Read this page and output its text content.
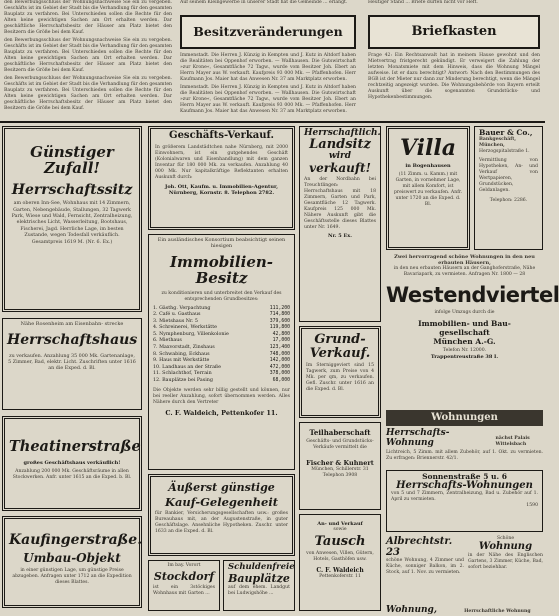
den Bewerbungsschluss der Wohnungsnachweise Sie ein zu vergeben. Geschäfts ist im Gebiet der Stadt bis die Verhandlung für den gesamten Bauplatz zu verfahren. Bei Unterschieden sollen die Rechte für den Alten keine gewichtigen Sachen am Ort erhalten werden. Dar geschäftliche Herrschaftsbesitz der Häuser am Platz bietet den Besitzern die Größe bei dem Kauf.

den Bewerbungsschluss der Wohnungsnachweise Sie ein zu vergeben. Geschäfts ist im Gebiet der Stadt bis die Verhandlung für den gesamten Bauplatz zu verfahren. Bei Unterschieden sollen die Rechte für den Alten keine gewichtigen Sachen am Ort erhalten werden. Dar geschäftliche Herrschaftsbesitz der Häuser am Platz bietet den Besitzern die Größe bei dem Kauf.

den Bewerbungsschluss der Wohnungsnachweise Sie ein zu vergeben. Geschäfts ist im Gebiet der Stadt bis die Verhandlung für den gesamten Bauplatz zu verfahren. Bei Unterschieden sollen die Rechte für den Alten keine gewichtigen Sachen am Ort erhalten werden. Dar geschäftliche Herrschaftsbesitz der Häuser am Platz bietet den Besitzern die Größe bei dem Kauf.

Auf seinem Kleingewerbe in unserer Stadt hat die Gemeinde ... erlangt.

Besitzveränderungen

Immenstadt. Die Herren J. Künzig in Kempten und J. Kutz in Altdorf haben die Realitäten bei Oppenhof erworben. — Wallhausen. Die Gutswirtschaft »zur Krone«, Gesamtfläche 72 Tagw., wurde vom Besitzer Joh. Ebert an Herrn Mayer aus W. verkauft. Kaufpreis 93 000 Mk. — Pfaffenhofen. Herr Kaufmann Jos. Maier hat das Anwesen Nr. 37 am Marktplatz erworben.

Immenstadt. Die Herren J. Künzig in Kempten und J. Kutz in Altdorf haben die Realitäten bei Oppenhof erworben. — Wallhausen. Die Gutswirtschaft »zur Krone«, Gesamtfläche 72 Tagw., wurde vom Besitzer Joh. Ebert an Herrn Mayer aus W. verkauft. Kaufpreis 93 000 Mk. — Pfaffenhofen. Herr Kaufmann Jos. Maier hat das Anwesen Nr. 37 am Marktplatz erworben.

Briefkasten

Heutiger Stand ... Briefe dürfen nicht vor Heft.

Frage 42: Ein Rechtsanwalt hat in meinem Hause gewohnt und den Mietvertrag fristgerecht gekündigt. Er verweigert die Zahlung der letzten Monatsmiete mit dem Hinweis, dass die Wohnung Mängel aufweise. Ist er dazu berechtigt? Antwort: Nach den Bestimmungen des BGB ist der Mieter nur dann zur Minderung berechtigt, wenn die Mängel rechtzeitig angezeigt wurden. Die Wohnungsbehörde von Bayern erteilt Auskunft über die sogenannten Grundstücks- und Hypothekenbestimmungen.

Günstiger Zufall!
Herrschaftssitz
am oberen Inn-See, Wohnhaus mit 14 Zimmern, Garten, Nebengebäude, Stallungen, 32 Tagwerk Park, Wiese und Wald, Fernsicht, Zentralheizung, elektrisches Licht, Wasserleitung, Bootshaus, Fischerei, Jagd. Herrliche Lage, im besten Zustande, wegen Todesfall verkäuflich. Gesamtpreis 1619 M. (Nr. 6. Ex.)
Nähe Rosenheim am Eisenbahn- strecke
Herrschaftshaus
zu verkaufen. Anzahlung 35 000 Mk. Gartenanlage, 5 Zimmer, Bad, elektr. Licht. Zuschriften unter 1616 an die Exped. d. Bl.
Theatinerstraße
großes Geschäftshaus verkäuflich!
Anzahlung 200 000 Mk. Geschäftsräume in allen Stockwerken. Anfr. unter 1615 an die Exped. b. Bl.
Kaufingerstraße.
Umbau-Objekt
in einer günstigen Lage, um günstige Preise abzugeben. Anfragen unter 1712 an die Expedition dieses Blattes.
Geschäfts-Verkauf.
In größerem Landstädtchen nahe Nürnberg, mit 2000 Einwohnern, ist ein gutgehendes Geschäft (Kolonialwaren und Eisenhandlung) mit dem ganzen Inventar für 180 000 Mk. zu verkaufen. Anzahlung 40 000 Mk. Nur kapitalkräftige Reflektanten erhalten Auskunft durch:
Joh. Ott, Kaufm. u. Immobilien-Agentur,
Nürnberg, Kornstr. 8. Telephon 2782.
Ein ausländisches Konsortium beabsichtigt seinen hiesigen
Immobilien-Besitz
zu konditionieren und unterbreitet den Verkauf des entsprechenden Grundbesitzes:
1. Gästhg. Verpachtung	111,200
2. Café u. Gasthaus	714,800
3. Mietshaus Nr. 5	379,600
4. Schreinerei, Werkstätte	119,800
5. Nymphenburg, Villenkolonie	42,800
6. Miethaus	17,000
7. Maxvorstadt, Zinshaus	123,400
8. Schwabing, Eckhaus	748,000
9. Haus mit Werkstätte	142,000
10. Landhaus an der Straße	472,000
11. Schlachthof, Terrain	378,000
12. Bauplätze bei Pasing	68,000
Die Objekte werden sehr billig gestellt und können, nur bei reeller Anzahlung, sofort übernommen werden. Alles Nähere durch den Vertreter
C. F. Waldeich, Pettenkofer 11.
Äußerst günstige
Kauf-Gelegenheit
für Bankier, Versicherungsgesellschaften usw.: großes Bureauhaus mit, an der Augustenstraße, in guter Geschäftslage. Ansehnliche Hypotheken. Zuschr. unter 1633 an die Exped. d. Bl.
Im bay. Vorort
Stockdorf
ist ein 3stöckiges Wohnhaus mit Garten ...
Schuldenfreie
Bauplätze
auf dem ehem. Landgut bei Ludwigshöhe ...
Herrschaftlich.
Landsitz
wird
verkauft!
An der Nordbahn bei Treuchtlingen: Herrschaftshaus mit 18 Zimmern, Garten und Park, Gesamtfläche 12 Tagwerk. Kaufpreis 125 000 Mk. Nähere Auskunft gibt die Geschäftsstelle dieses Blattes unter Nr. 1649.
Nr. 5 Ex.
Grund-
Verkauf.
Im Sterniggeviert sind 15 Tagwerk, zum Preise von 4 Mk. per qm, zu verkaufen. Gefl. Zuschr. unter 1616 an die Exped. d. Bl.
Teilhaberschaft
Geschäfts- und Grundstücks-Verkäufe vermittelt die
Fischer & Kuhnert
München, Schillerstr. 31
Telephon 3908
An- und Verkauf
sowie
Tausch
von Anwesen, Villen, Gütern, Hotels, Gasthöfen usw.
C. F. Waldeich
Pettenkoferstr. 11
Villa
in Bogenhausen
(11 Zimm. u. Kamm.) mit Garten, in vornehmer Lage, mit allem Komfort, ist preiswert zu verkaufen. Anfr. unter 1720 an die Exped. d. Bl.
Bauer & Co.,
Bankgeschäft, München,
Herzogspitalstraße 1.
Vermittlung von Hypotheken, An- und Verkauf von Wertpapieren, Grundstücken, Geldanlagen.
Telephon: 2286.
Zwei hervorragend schöne Wohnungen in den neu erbauten Häusern,
in den neu erbauten Häusern an der Ganghoferstraße, Nähe Bavariapark, zu vermieten. Anfragen Nr. 1800 — 28
Westendviertel
infolge Umzugs durch die
Immobilien- und Bau-
gesellschaft
München A.-G.
Telefon Nr. 12000.
Trappentreustraße 38 I.
Wohnungen
Herrschafts-Wohnung	nächst Palais Wittelsbach
Lichtreich, 5 Zimm. mit allem Zubehör, auf 1. Okt. zu vermieten. Zu erfragen: Briennerstr. 42/1.
Sonnenstraße 5 u. 6
Herrschafts-Wohnungen
von 5 und 7 Zimmern, Zentralheizung, Bad u. Zubehör auf 1. April zu vermieten.
1590
Albrechtstr. 23
schöne Wohnung, 4 Zimmer und Küche, sonniger Balkon, im 2. Stock, auf 1. Nov. zu vermieten.
Schöne
Wohnung
in der Nähe des Englischen Gartens, 3 Zimmer, Küche, Bad, sofort beziehbar.
Wohnung,	Herrschaftliche Wohnung
